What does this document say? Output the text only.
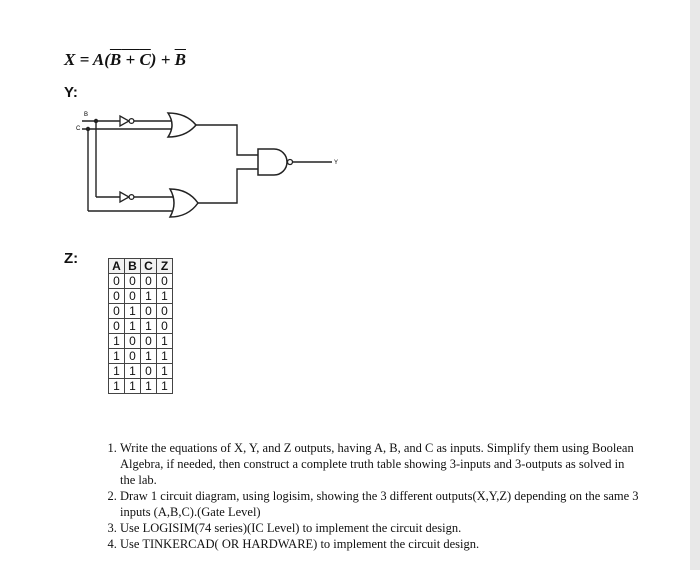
$X = A(B + C) + \overline{B}$
Y:
B
C
Y
Z:	A	B	C	Z
0	0	0	0
0	0	1	1
0	1	0	0
0	1	1	0
1	0	0	1
1	0	1	1
1	1	0	1
1	1	1	1
1. Write the equations of X, Y, and Z outputs, having A, B, and C as inputs. Simplify them using Boolean Algebra, if needed, then construct a complete truth table showing 3-inputs and 3-outputs as solved in the lab.
2. Draw 1 circuit diagram, using logisim, showing the 3 different outputs(X,Y,Z) depending on the same 3 inputs (A,B,C).(Gate Level)
3. Use LOGISIM(74 series)(IC Level) to implement the circuit design.
4. Use TINKERCAD( OR HARDWARE) to implement the circuit design.
